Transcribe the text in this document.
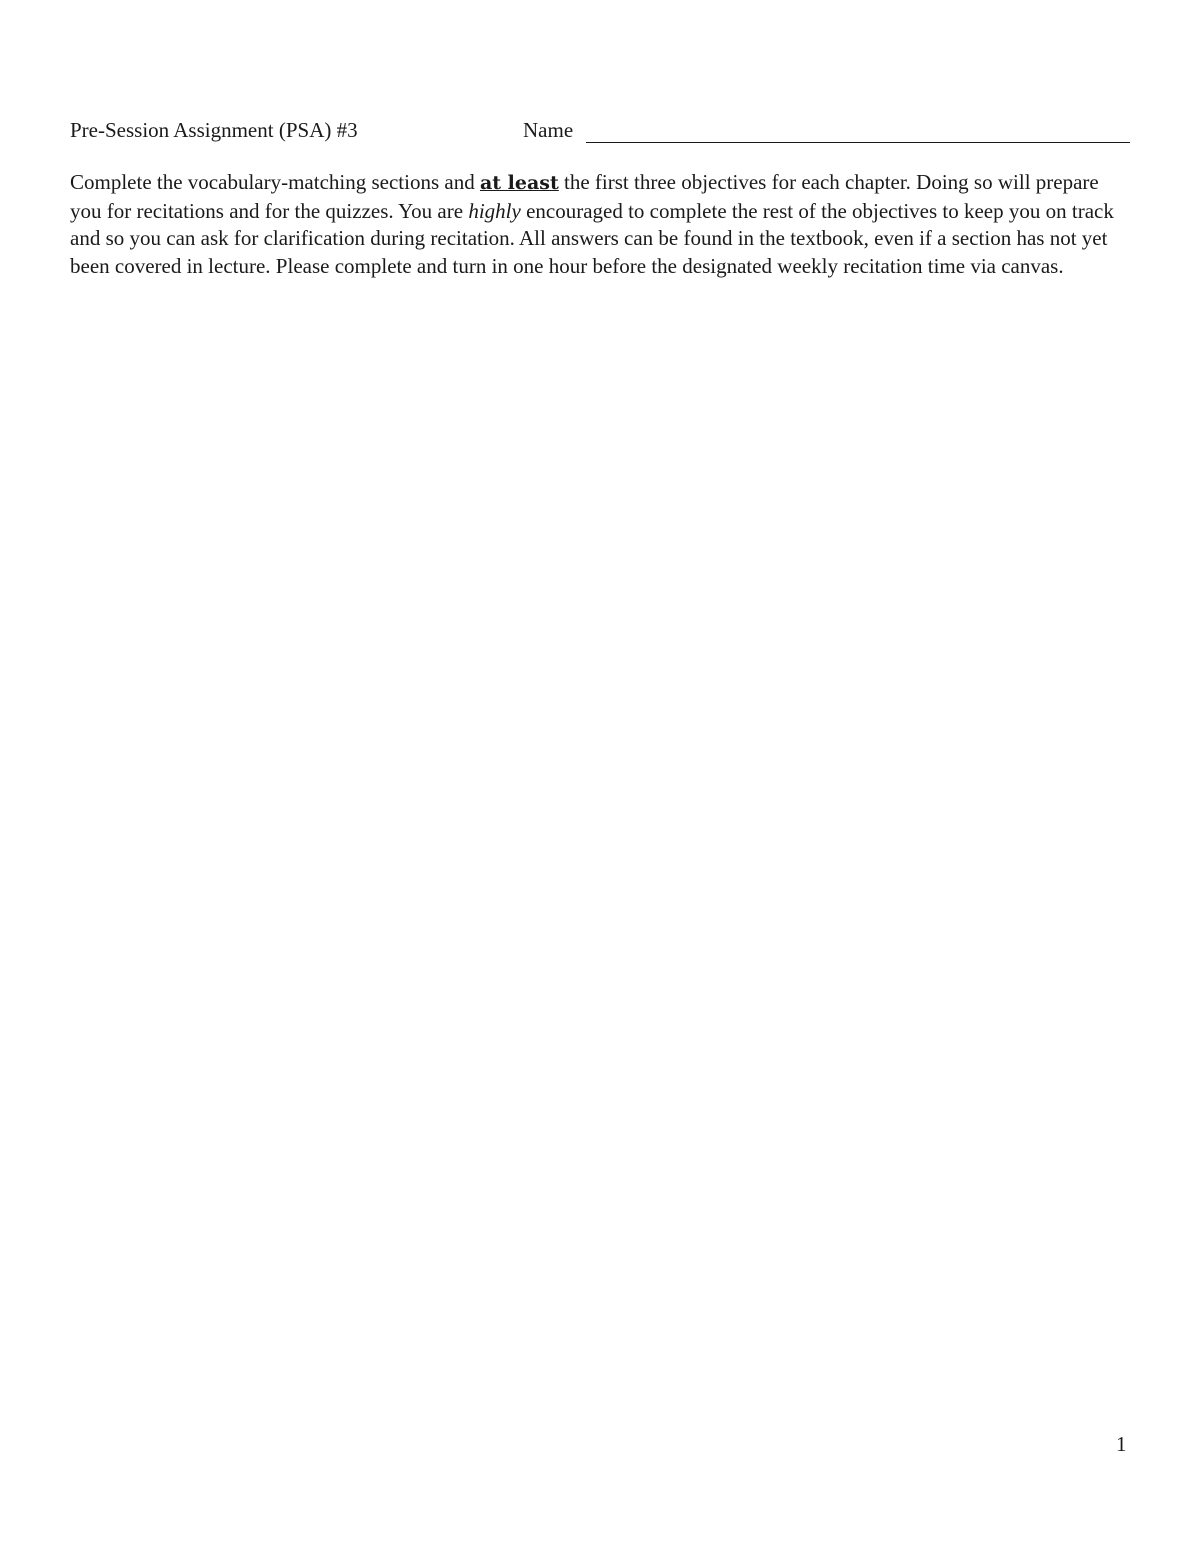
Pre-Session Assignment (PSA) #3	Name

Complete the vocabulary-matching sections and at least the first three objectives for each chapter. Doing so will prepare you for recitations and for the quizzes. You are highly encouraged to complete the rest of the objectives to keep you on track and so you can ask for clarification during recitation. All answers can be found in the textbook, even if a section has not yet been covered in lecture. Please complete and turn in one hour before the designated weekly recitation time via canvas.

1
